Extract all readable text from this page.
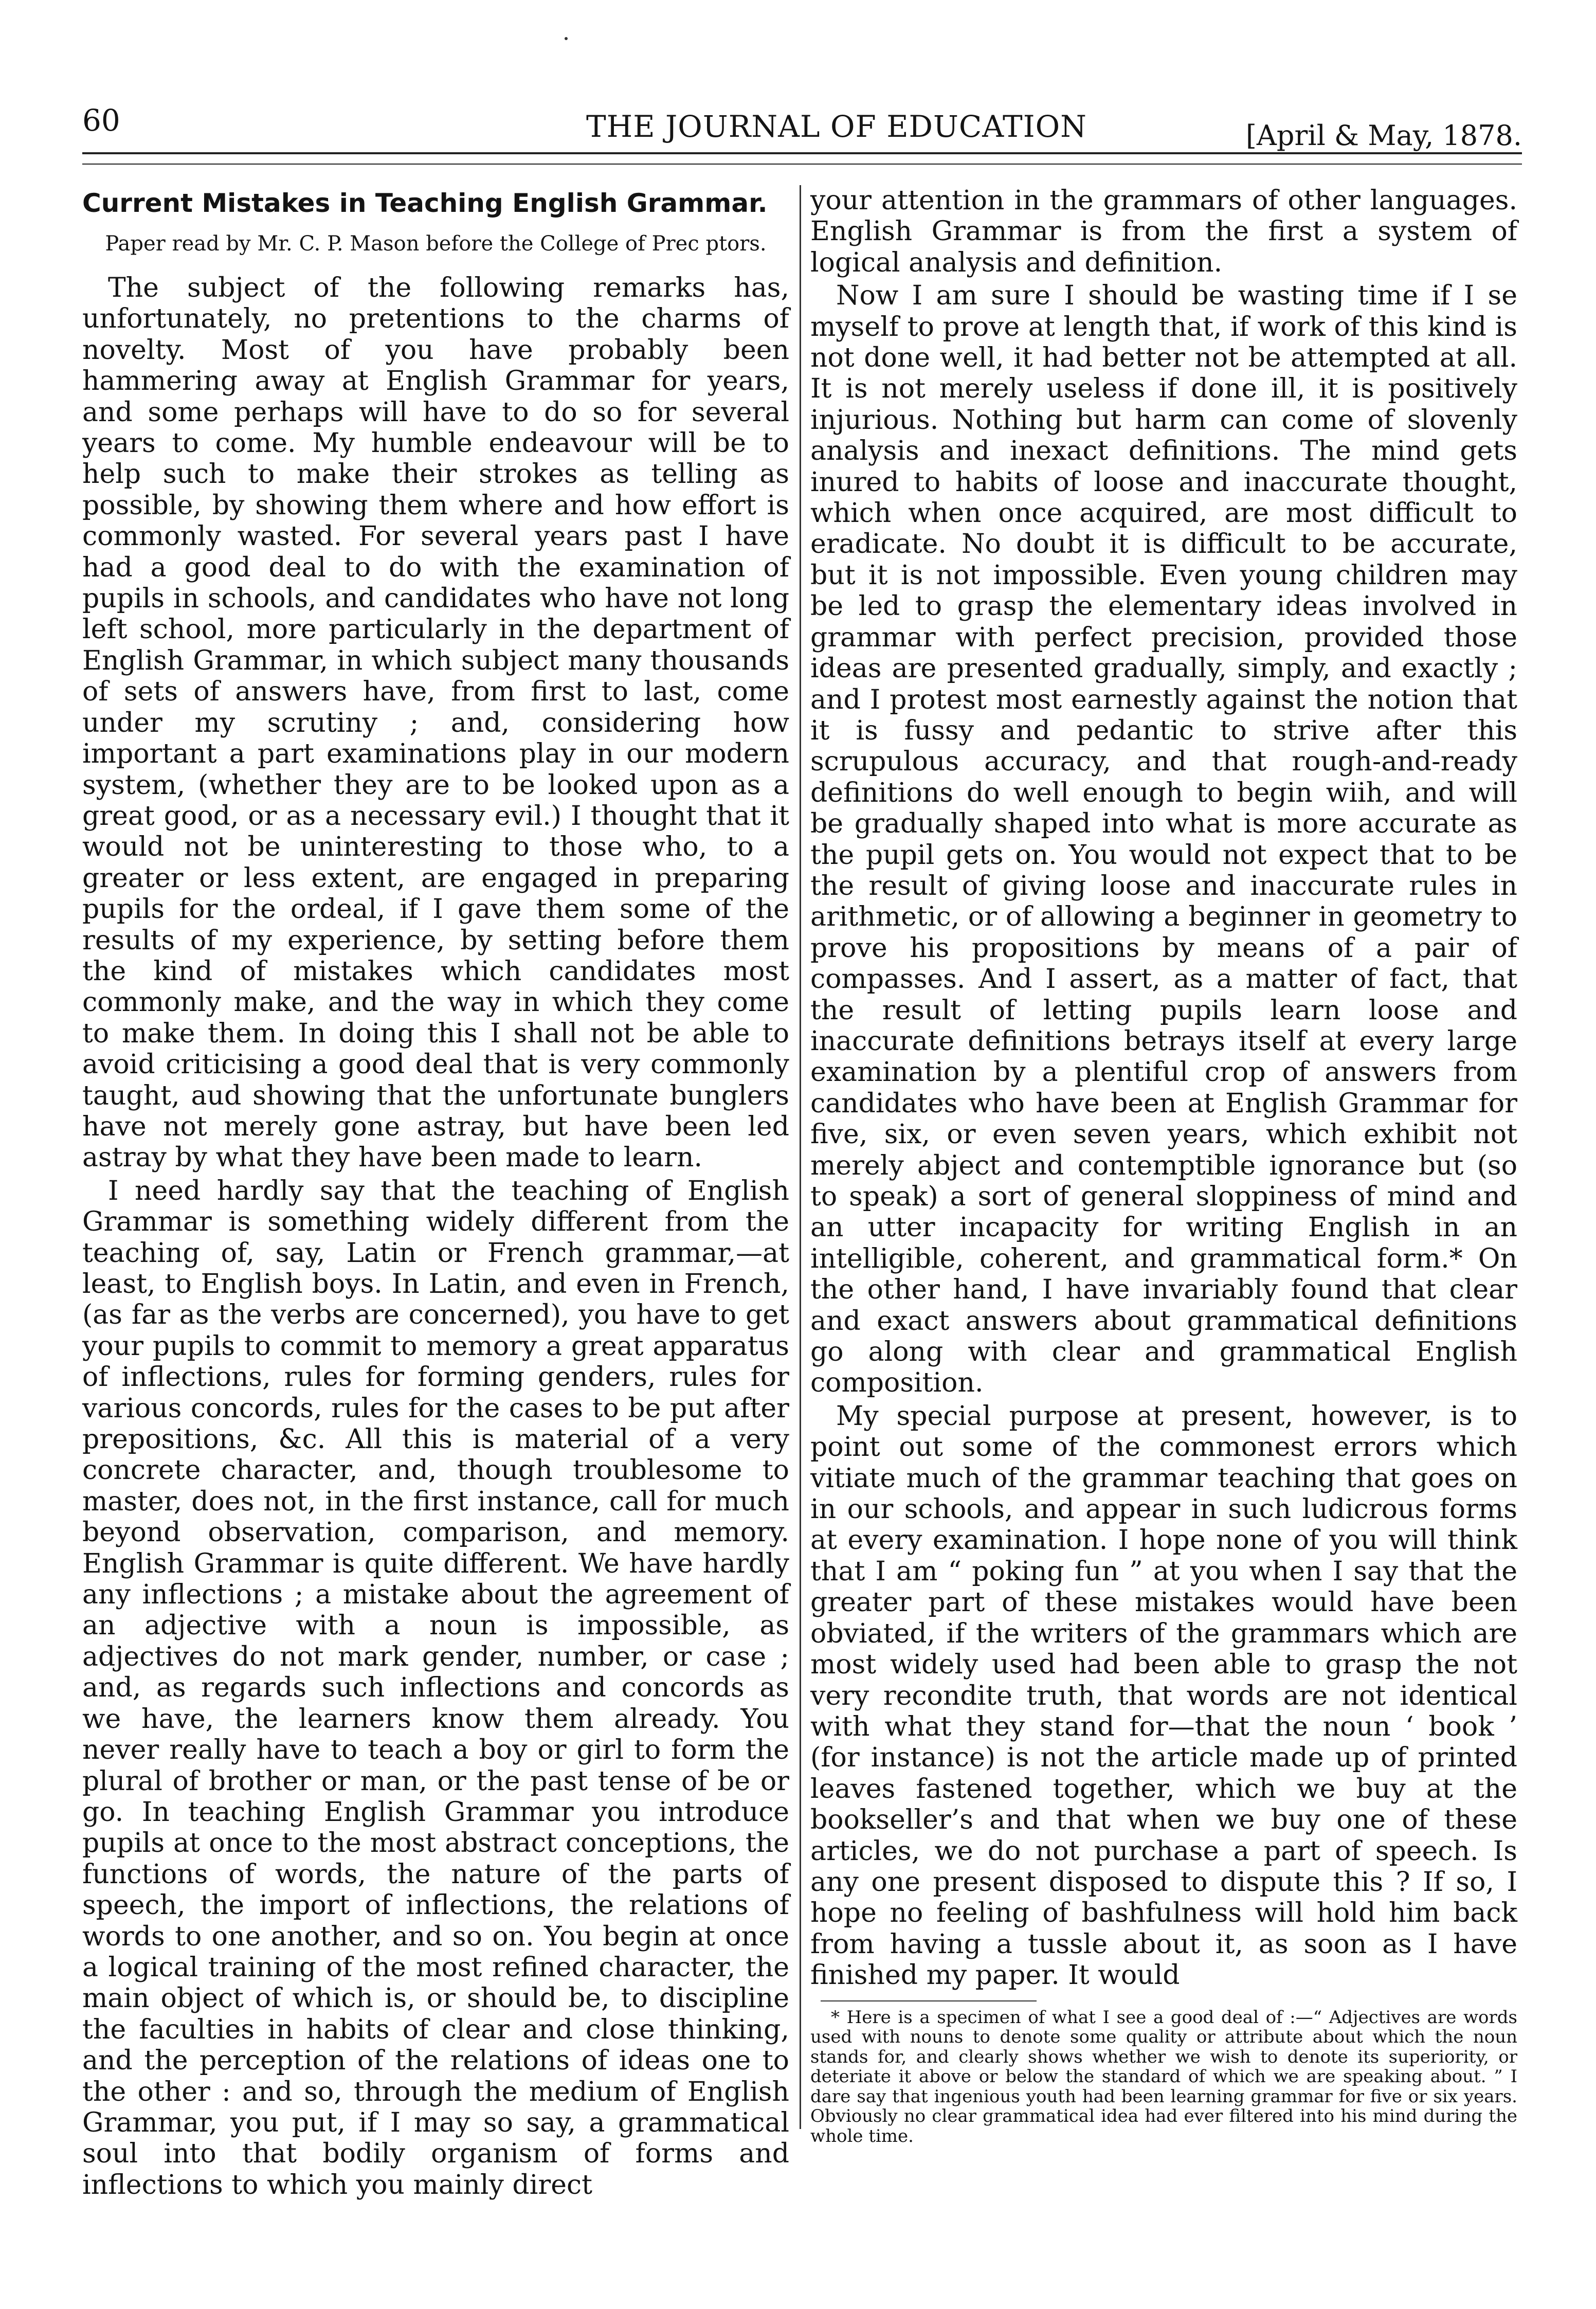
60	THE JOURNAL OF EDUCATION	[April & May, 1878.
Current Mistakes in Teaching English Grammar.
Paper read by Mr. C. P. Mason before the College of Prec ptors.

The subject of the following remarks has, unfortunately, no pretentions to the charms of novelty. Most of you have probably been hammering away at English Grammar for years, and some perhaps will have to do so for several years to come. My humble endeavour will be to help such to make their strokes as telling as possible, by showing them where and how effort is commonly wasted. For several years past I have had a good deal to do with the examination of pupils in schools, and candidates who have not long left school, more particularly in the department of English Grammar, in which subject many thousands of sets of answers have, from first to last, come under my scrutiny ; and, considering how important a part examinations play in our modern system, (whether they are to be looked upon as a great good, or as a necessary evil.) I thought that it would not be uninteresting to those who, to a greater or less extent, are engaged in preparing pupils for the ordeal, if I gave them some of the results of my experience, by setting before them the kind of mistakes which candidates most commonly make, and the way in which they come to make them. In doing this I shall not be able to avoid criticising a good deal that is very commonly taught, aud showing that the unfortunate bunglers have not merely gone astray, but have been led astray by what they have been made to learn.

I need hardly say that the teaching of English Grammar is something widely different from the teaching of, say, Latin or French grammar,—at least, to English boys. In Latin, and even in French, (as far as the verbs are concerned), you have to get your pupils to commit to memory a great apparatus of inflections, rules for forming genders, rules for various concords, rules for the cases to be put after prepositions, &c. All this is material of a very concrete character, and, though troublesome to master, does not, in the first instance, call for much beyond observation, comparison, and memory. English Grammar is quite different. We have hardly any inflections ; a mistake about the agreement of an adjective with a noun is impossible, as adjectives do not mark gender, number, or case ; and, as regards such inflections and concords as we have, the learners know them already. You never really have to teach a boy or girl to form the plural of brother or man, or the past tense of be or go. In teaching English Grammar you introduce pupils at once to the most abstract conceptions, the functions of words, the nature of the parts of speech, the import of inflections, the relations of words to one another, and so on. You begin at once a logical training of the most refined character, the main object of which is, or should be, to discipline the faculties in habits of clear and close thinking, and the perception of the relations of ideas one to the other : and so, through the medium of English Grammar, you put, if I may so say, a grammatical soul into that bodily organism of forms and inflections to which you mainly direct

your attention in the grammars of other languages. English Grammar is from the first a system of logical analysis and definition.

Now I am sure I should be wasting time if I se myself to prove at length that, if work of this kind is not done well, it had better not be attempted at all. It is not merely useless if done ill, it is positively injurious. Nothing but harm can come of slovenly analysis and inexact definitions. The mind gets inured to habits of loose and inaccurate thought, which when once acquired, are most difficult to eradicate. No doubt it is difficult to be accurate, but it is not impossible. Even young children may be led to grasp the elementary ideas involved in grammar with perfect precision, provided those ideas are presented gradually, simply, and exactly ; and I protest most earnestly against the notion that it is fussy and pedantic to strive after this scrupulous accuracy, and that rough-and-ready definitions do well enough to begin wiih, and will be gradually shaped into what is more accurate as the pupil gets on. You would not expect that to be the result of giving loose and inaccurate rules in arithmetic, or of allowing a beginner in geometry to prove his propositions by means of a pair of compasses. And I assert, as a matter of fact, that the result of letting pupils learn loose and inaccurate definitions betrays itself at every large examination by a plentiful crop of answers from candidates who have been at English Grammar for five, six, or even seven years, which exhibit not merely abject and contemptible ignorance but (so to speak) a sort of general sloppiness of mind and an utter incapacity for writing English in an intelligible, coherent, and grammatical form.* On the other hand, I have invariably found that clear and exact answers about grammatical definitions go along with clear and grammatical English composition.

My special purpose at present, however, is to point out some of the commonest errors which vitiate much of the grammar teaching that goes on in our schools, and appear in such ludicrous forms at every examination. I hope none of you will think that I am “ poking fun ” at you when I say that the greater part of these mistakes would have been obviated, if the writers of the grammars which are most widely used had been able to grasp the not very recondite truth, that words are not identical with what they stand for—that the noun ‘ book ’ (for instance) is not the article made up of printed leaves fastened together, which we buy at the bookseller’s and that when we buy one of these articles, we do not purchase a part of speech. Is any one present disposed to dispute this ? If so, I hope no feeling of bashfulness will hold him back from having a tussle about it, as soon as I have finished my paper. It would

* Here is a specimen of what I see a good deal of :—“ Adjectives are words used with nouns to denote some quality or attribute about which the noun stands for, and clearly shows whether we wish to denote its superiority, or deteriate it above or below the standard of which we are speaking about. ” I dare say that ingenious youth had been learning grammar for five or six years. Obviously no clear grammatical idea had ever filtered into his mind during the whole time.
